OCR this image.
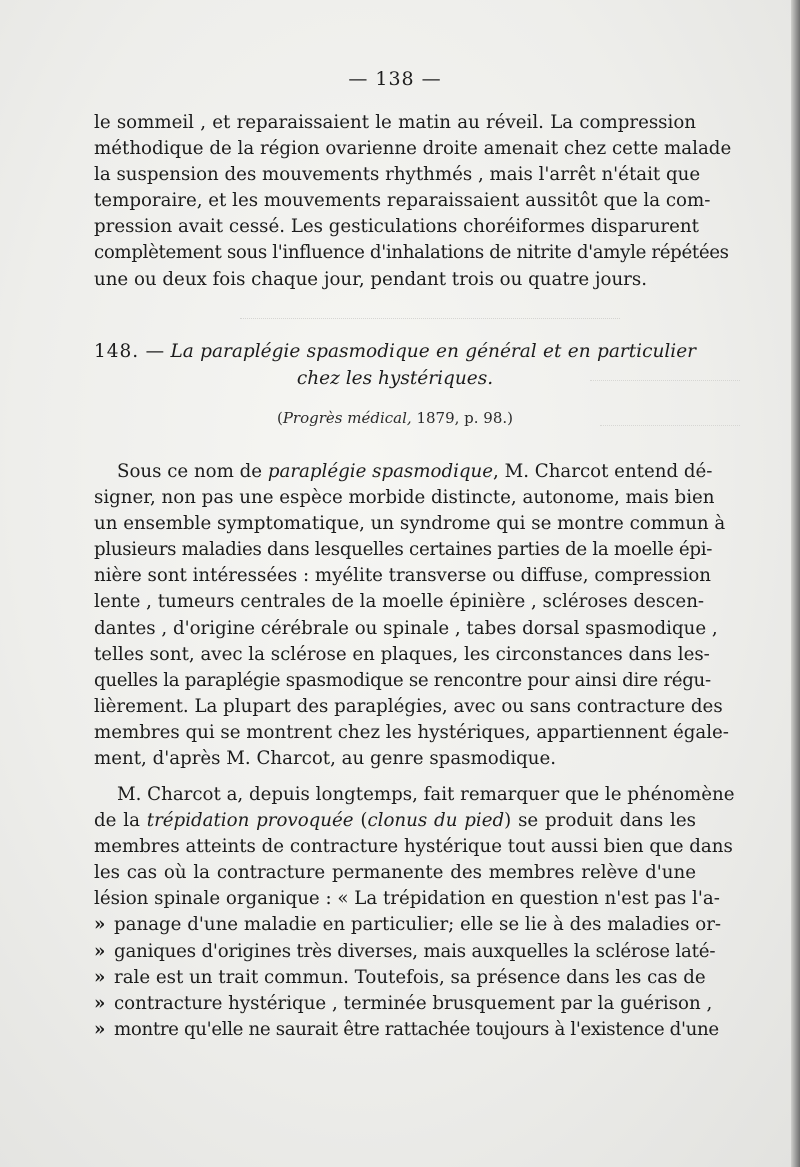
— 138 —
le sommeil , et reparaissaient le matin au réveil. La compression
méthodique de la région ovarienne droite amenait chez cette malade
la suspension des mouvements rhythmés , mais l'arrêt n'était que
temporaire, et les mouvements reparaissaient aussitôt que la com-
pression avait cessé. Les gesticulations choréiformes disparurent
complètement sous l'influence d'inhalations de nitrite d'amyle répétées
une ou deux fois chaque jour, pendant trois ou quatre jours.
148. — La paraplégie spasmodique en général et en particulier
chez les hystériques.
(Progrès médical, 1879, p. 98.)
Sous ce nom de paraplégie spasmodique, M. Charcot entend dé-
signer, non pas une espèce morbide distincte, autonome, mais bien
un ensemble symptomatique, un syndrome qui se montre commun à
plusieurs maladies dans lesquelles certaines parties de la moelle épi-
nière sont intéressées : myélite transverse ou diffuse, compression
lente , tumeurs centrales de la moelle épinière , scléroses descen-
dantes , d'origine cérébrale ou spinale , tabes dorsal spasmodique ,
telles sont, avec la sclérose en plaques, les circonstances dans les-
quelles la paraplégie spasmodique se rencontre pour ainsi dire régu-
lièrement. La plupart des paraplégies, avec ou sans contracture des
membres qui se montrent chez les hystériques, appartiennent égale-
ment, d'après M. Charcot, au genre spasmodique.
M. Charcot a, depuis longtemps, fait remarquer que le phénomène
de la trépidation provoquée (clonus du pied) se produit dans les
membres atteints de contracture hystérique tout aussi bien que dans
les cas où la contracture permanente des membres relève d'une
lésion spinale organique : « La trépidation en question n'est pas l'a-
» panage d'une maladie en particulier; elle se lie à des maladies or-
» ganiques d'origines très diverses, mais auxquelles la sclérose laté-
» rale est un trait commun. Toutefois, sa présence dans les cas de
» contracture hystérique , terminée brusquement par la guérison ,
» montre qu'elle ne saurait être rattachée toujours à l'existence d'une
